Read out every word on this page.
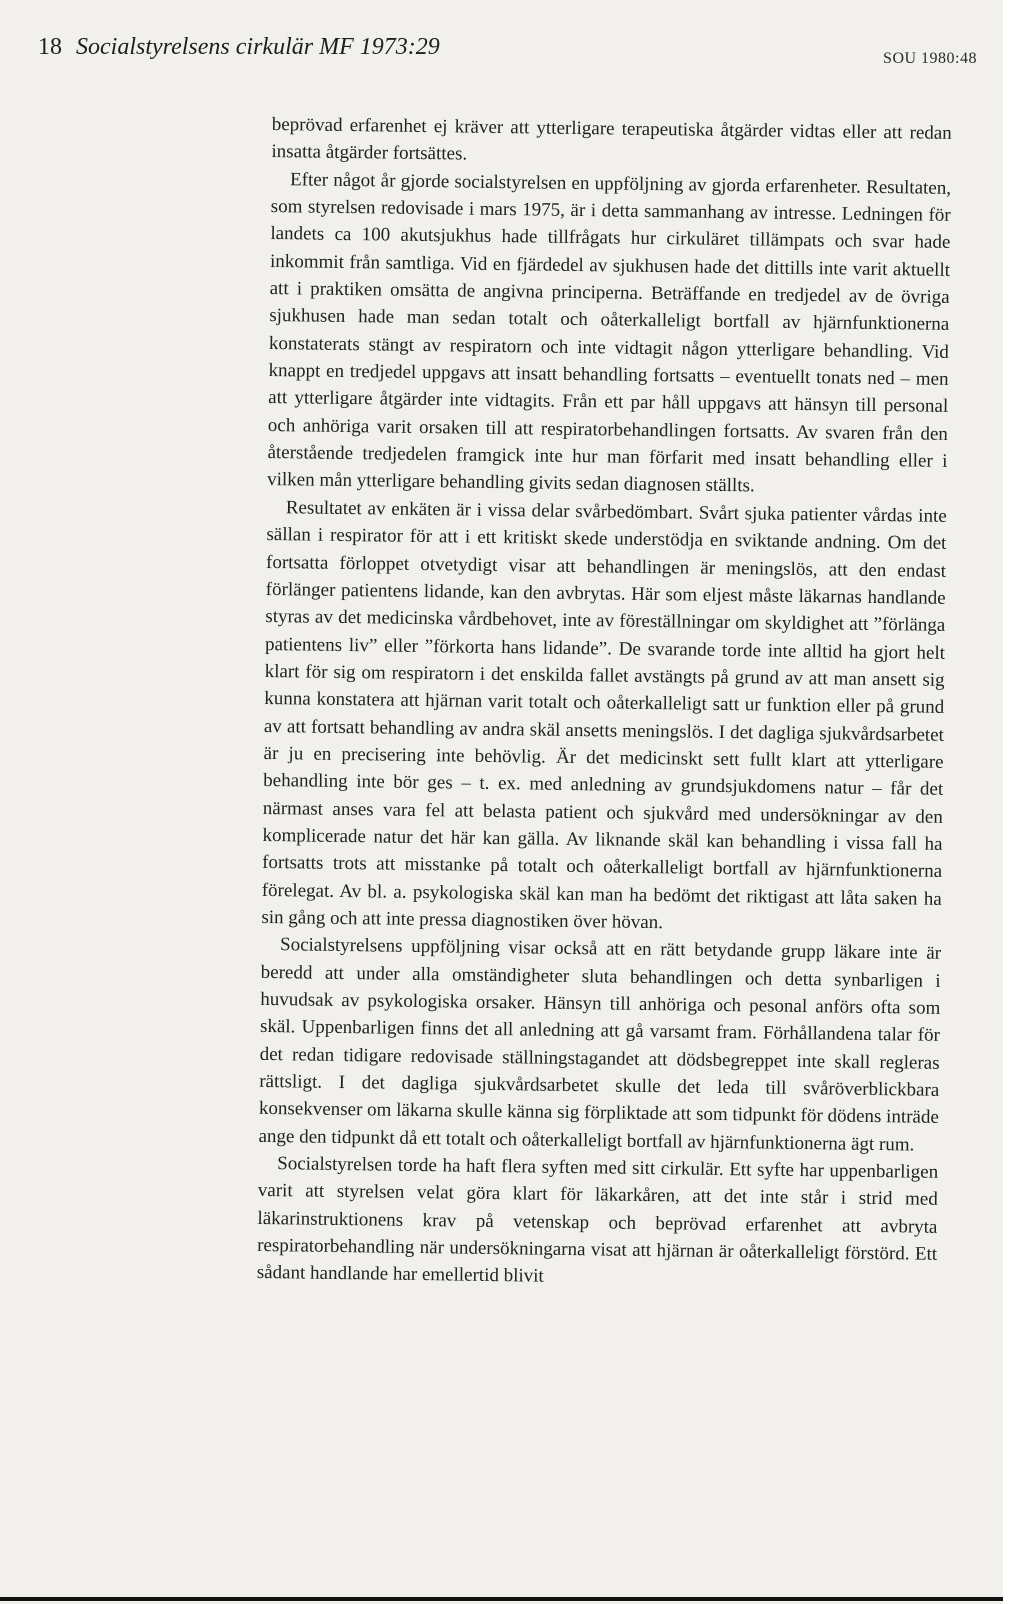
18 Socialstyrelsens cirkulär MF 1973:29	SOU 1980:48

beprövad erfarenhet ej kräver att ytterligare terapeutiska åtgärder vidtas eller att redan insatta åtgärder fortsättes.

Efter något år gjorde socialstyrelsen en uppföljning av gjorda erfarenheter. Resultaten, som styrelsen redovisade i mars 1975, är i detta sammanhang av intresse. Ledningen för landets ca 100 akutsjukhus hade tillfrågats hur cirkuläret tillämpats och svar hade inkommit från samtliga. Vid en fjärdedel av sjukhusen hade det dittills inte varit aktuellt att i praktiken omsätta de angivna principerna. Beträffande en tredjedel av de övriga sjukhusen hade man sedan totalt och oåterkalleligt bortfall av hjärnfunktionerna konstaterats stängt av respiratorn och inte vidtagit någon ytterligare behandling. Vid knappt en tredjedel uppgavs att insatt behandling fortsatts – eventuellt tonats ned – men att ytterligare åtgärder inte vidtagits. Från ett par håll uppgavs att hänsyn till personal och anhöriga varit orsaken till att respiratorbehandlingen fortsatts. Av svaren från den återstående tredjedelen framgick inte hur man förfarit med insatt behandling eller i vilken mån ytterligare behandling givits sedan diagnosen ställts.

Resultatet av enkäten är i vissa delar svårbedömbart. Svårt sjuka patienter vårdas inte sällan i respirator för att i ett kritiskt skede understödja en sviktande andning. Om det fortsatta förloppet otvetydigt visar att behandlingen är meningslös, att den endast förlänger patientens lidande, kan den avbrytas. Här som eljest måste läkarnas handlande styras av det medicinska vårdbehovet, inte av föreställningar om skyldighet att ”förlänga patientens liv” eller ”förkorta hans lidande”. De svarande torde inte alltid ha gjort helt klart för sig om respiratorn i det enskilda fallet avstängts på grund av att man ansett sig kunna konstatera att hjärnan varit totalt och oåterkalleligt satt ur funktion eller på grund av att fortsatt behandling av andra skäl ansetts meningslös. I det dagliga sjukvårdsarbetet är ju en precisering inte behövlig. Är det medicinskt sett fullt klart att ytterligare behandling inte bör ges – t. ex. med anledning av grundsjukdomens natur – får det närmast anses vara fel att belasta patient och sjukvård med undersökningar av den komplicerade natur det här kan gälla. Av liknande skäl kan behandling i vissa fall ha fortsatts trots att misstanke på totalt och oåterkalleligt bortfall av hjärnfunktionerna förelegat. Av bl. a. psykologiska skäl kan man ha bedömt det riktigast att låta saken ha sin gång och att inte pressa diagnostiken över hövan.

Socialstyrelsens uppföljning visar också att en rätt betydande grupp läkare inte är beredd att under alla omständigheter sluta behandlingen och detta synbarligen i huvudsak av psykologiska orsaker. Hänsyn till anhöriga och pesonal anförs ofta som skäl. Uppenbarligen finns det all anledning att gå varsamt fram. Förhållandena talar för det redan tidigare redovisade ställningstagandet att dödsbegreppet inte skall regleras rättsligt. I det dagliga sjukvårdsarbetet skulle det leda till svåröverblickbara konsekvenser om läkarna skulle känna sig förpliktade att som tidpunkt för dödens inträde ange den tidpunkt då ett totalt och oåterkalleligt bortfall av hjärnfunktionerna ägt rum.

Socialstyrelsen torde ha haft flera syften med sitt cirkulär. Ett syfte har uppenbarligen varit att styrelsen velat göra klart för läkarkåren, att det inte står i strid med läkarinstruktionens krav på vetenskap och beprövad erfarenhet att avbryta respiratorbehandling när undersökningarna visat att hjärnan är oåterkalleligt förstörd. Ett sådant handlande har emellertid blivit
